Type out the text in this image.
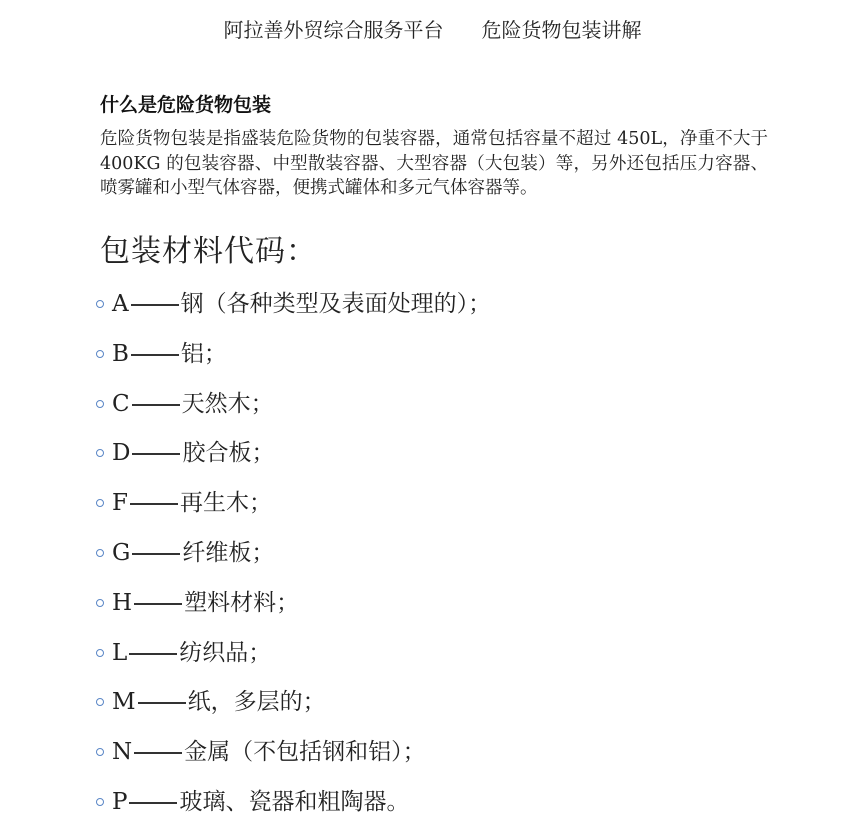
阿拉善外贸综合服务平台 危险货物包装讲解
什么是危险货物包装

危险货物包装是指盛装危险货物的包装容器，通常包括容量不超过 450L，净重不大于 400KG 的包装容器、中型散装容器、大型容器（大包装）等，另外还包括压力容器、喷雾罐和小型气体容器，便携式罐体和多元气体容器等。

包装材料代码：
A 钢（各种类型及表面处理的）；
B 铝；
C 天然木；
D 胶合板；
F 再生木；
G 纤维板；
H 塑料材料；
L 纺织品；
M 纸，多层的；
N 金属（不包括钢和铝）；
P 玻璃、瓷器和粗陶器。
